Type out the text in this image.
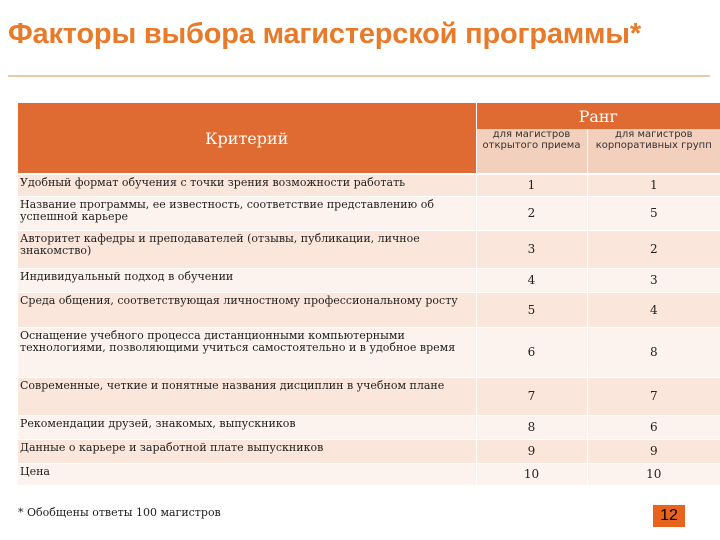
Факторы выбора магистерской программы*
Критерий	Ранг	
	для магистров открытого приема	для магистров корпоративных групп
Удобный формат обучения с точки зрения возможности работать	1	1
Название программы, ее известность, соответствие представлению об успешной карьере	2	5
Авторитет кафедры и преподавателей (отзывы, публикации, личное знакомство)	3	2
Индивидуальный подход в обучении	4	3
Среда общения, соответствующая личностному профессиональному росту	5	4
Оснащение учебного процесса дистанционными компьютерными технологиями, позволяющими учиться самостоятельно и в удобное время	6	8
Современные, четкие и понятные названия дисциплин в учебном плане	7	7
Рекомендации друзей, знакомых, выпускников	8	6
Данные о карьере и заработной плате выпускников	9	9
Цена	10	10
* Обобщены ответы 100 магистров	12
